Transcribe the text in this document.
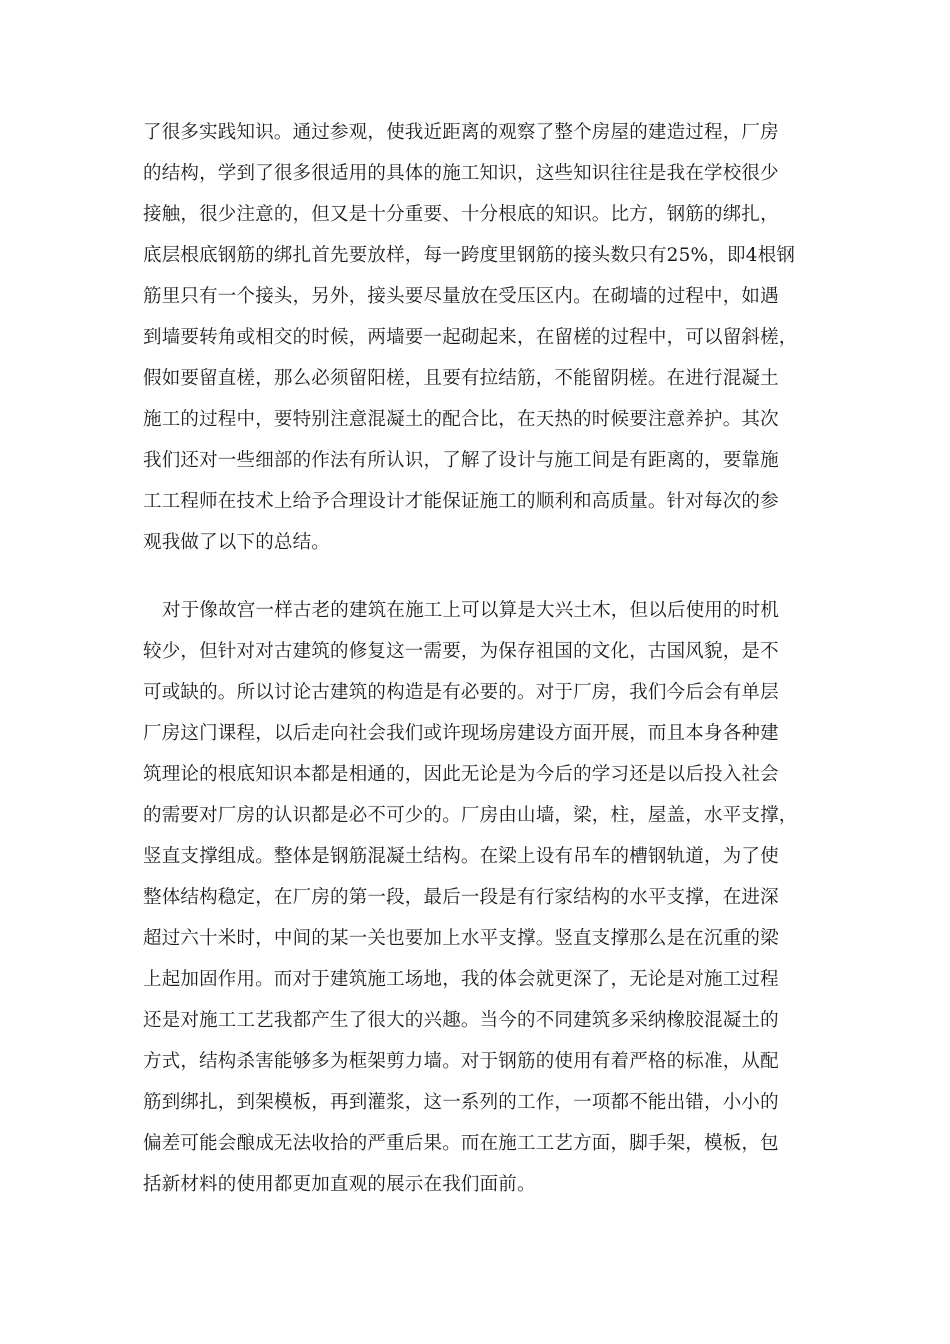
了很多实践知识。通过参观，使我近距离的观察了整个房屋的建造过程，厂房
的结构，学到了很多很适用的具体的施工知识，这些知识往往是我在学校很少
接触，很少注意的，但又是十分重要、十分根底的知识。比方，钢筋的绑扎，
底层根底钢筋的绑扎首先要放样，每一跨度里钢筋的接头数只有25%，即4根钢
筋里只有一个接头，另外，接头要尽量放在受压区内。在砌墙的过程中，如遇
到墙要转角或相交的时候，两墙要一起砌起来，在留槎的过程中，可以留斜槎，
假如要留直槎，那么必须留阳槎，且要有拉结筋，不能留阴槎。在进行混凝土
施工的过程中，要特别注意混凝土的配合比，在天热的时候要注意养护。其次
我们还对一些细部的作法有所认识，了解了设计与施工间是有距离的，要靠施
工工程师在技术上给予合理设计才能保证施工的顺利和高质量。针对每次的参
观我做了以下的总结。
对于像故宫一样古老的建筑在施工上可以算是大兴土木，但以后使用的时机
较少，但针对对古建筑的修复这一需要，为保存祖国的文化，古国风貌，是不
可或缺的。所以讨论古建筑的构造是有必要的。对于厂房，我们今后会有单层
厂房这门课程，以后走向社会我们或许现场房建设方面开展，而且本身各种建
筑理论的根底知识本都是相通的，因此无论是为今后的学习还是以后投入社会
的需要对厂房的认识都是必不可少的。厂房由山墙，梁，柱，屋盖，水平支撑，
竖直支撑组成。整体是钢筋混凝土结构。在梁上设有吊车的槽钢轨道，为了使
整体结构稳定，在厂房的第一段，最后一段是有行家结构的水平支撑，在进深
超过六十米时，中间的某一关也要加上水平支撑。竖直支撑那么是在沉重的梁
上起加固作用。而对于建筑施工场地，我的体会就更深了，无论是对施工过程
还是对施工工艺我都产生了很大的兴趣。当今的不同建筑多采纳橡胶混凝土的
方式，结构杀害能够多为框架剪力墙。对于钢筋的使用有着严格的标准，从配
筋到绑扎，到架模板，再到灌浆，这一系列的工作，一项都不能出错，小小的
偏差可能会酿成无法收拾的严重后果。而在施工工艺方面，脚手架，模板，包
括新材料的使用都更加直观的展示在我们面前。
